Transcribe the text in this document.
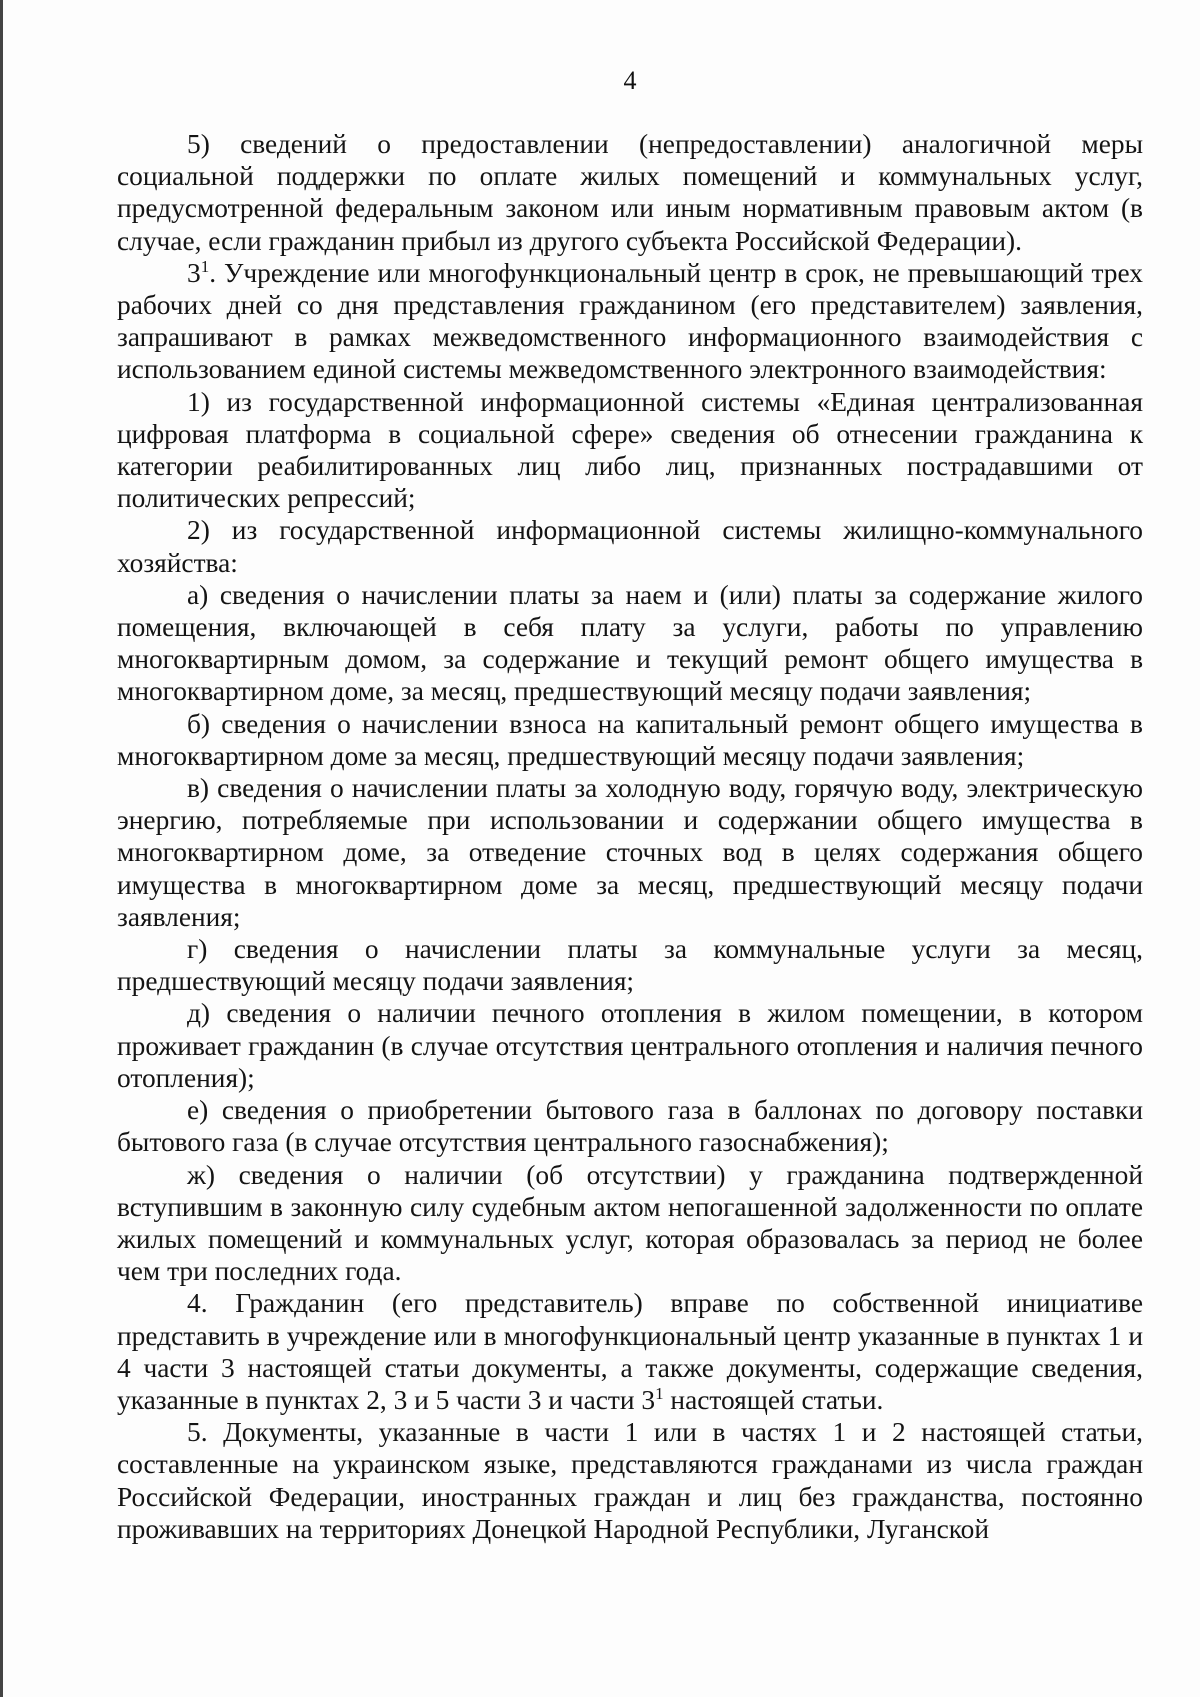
4

5) сведений о предоставлении (непредоставлении) аналогичной меры социальной поддержки по оплате жилых помещений и коммунальных услуг, предусмотренной федеральным законом или иным нормативным правовым актом (в случае, если гражданин прибыл из другого субъекта Российской Федерации).

$3^1$. Учреждение или многофункциональный центр в срок, не превышающий трех рабочих дней со дня представления гражданином (его представителем) заявления, запрашивают в рамках межведомственного информационного взаимодействия с использованием единой системы межведомственного электронного взаимодействия:

1) из государственной информационной системы «Единая централизованная цифровая платформа в социальной сфере» сведения об отнесении гражданина к категории реабилитированных лиц либо лиц, признанных пострадавшими от политических репрессий;

2) из государственной информационной системы жилищно-коммунального хозяйства:

а) сведения о начислении платы за наем и (или) платы за содержание жилого помещения, включающей в себя плату за услуги, работы по управлению многоквартирным домом, за содержание и текущий ремонт общего имущества в многоквартирном доме, за месяц, предшествующий месяцу подачи заявления;

б) сведения о начислении взноса на капитальный ремонт общего имущества в многоквартирном доме за месяц, предшествующий месяцу подачи заявления;

в) сведения о начислении платы за холодную воду, горячую воду, электрическую энергию, потребляемые при использовании и содержании общего имущества в многоквартирном доме, за отведение сточных вод в целях содержания общего имущества в многоквартирном доме за месяц, предшествующий месяцу подачи заявления;

г) сведения о начислении платы за коммунальные услуги за месяц, предшествующий месяцу подачи заявления;

д) сведения о наличии печного отопления в жилом помещении, в котором проживает гражданин (в случае отсутствия центрального отопления и наличия печного отопления);

е) сведения о приобретении бытового газа в баллонах по договору поставки бытового газа (в случае отсутствия центрального газоснабжения);

ж) сведения о наличии (об отсутствии) у гражданина подтвержденной вступившим в законную силу судебным актом непогашенной задолженности по оплате жилых помещений и коммунальных услуг, которая образовалась за период не более чем три последних года.

4. Гражданин (его представитель) вправе по собственной инициативе представить в учреждение или в многофункциональный центр указанные в пунктах 1 и 4 части 3 настоящей статьи документы, а также документы, содержащие сведения, указанные в пунктах 2, 3 и 5 части 3 и части $3^1$ настоящей статьи.

5. Документы, указанные в части 1 или в частях 1 и 2 настоящей статьи, составленные на украинском языке, представляются гражданами из числа граждан Российской Федерации, иностранных граждан и лиц без гражданства, постоянно проживавших на территориях Донецкой Народной Республики, Луганской
